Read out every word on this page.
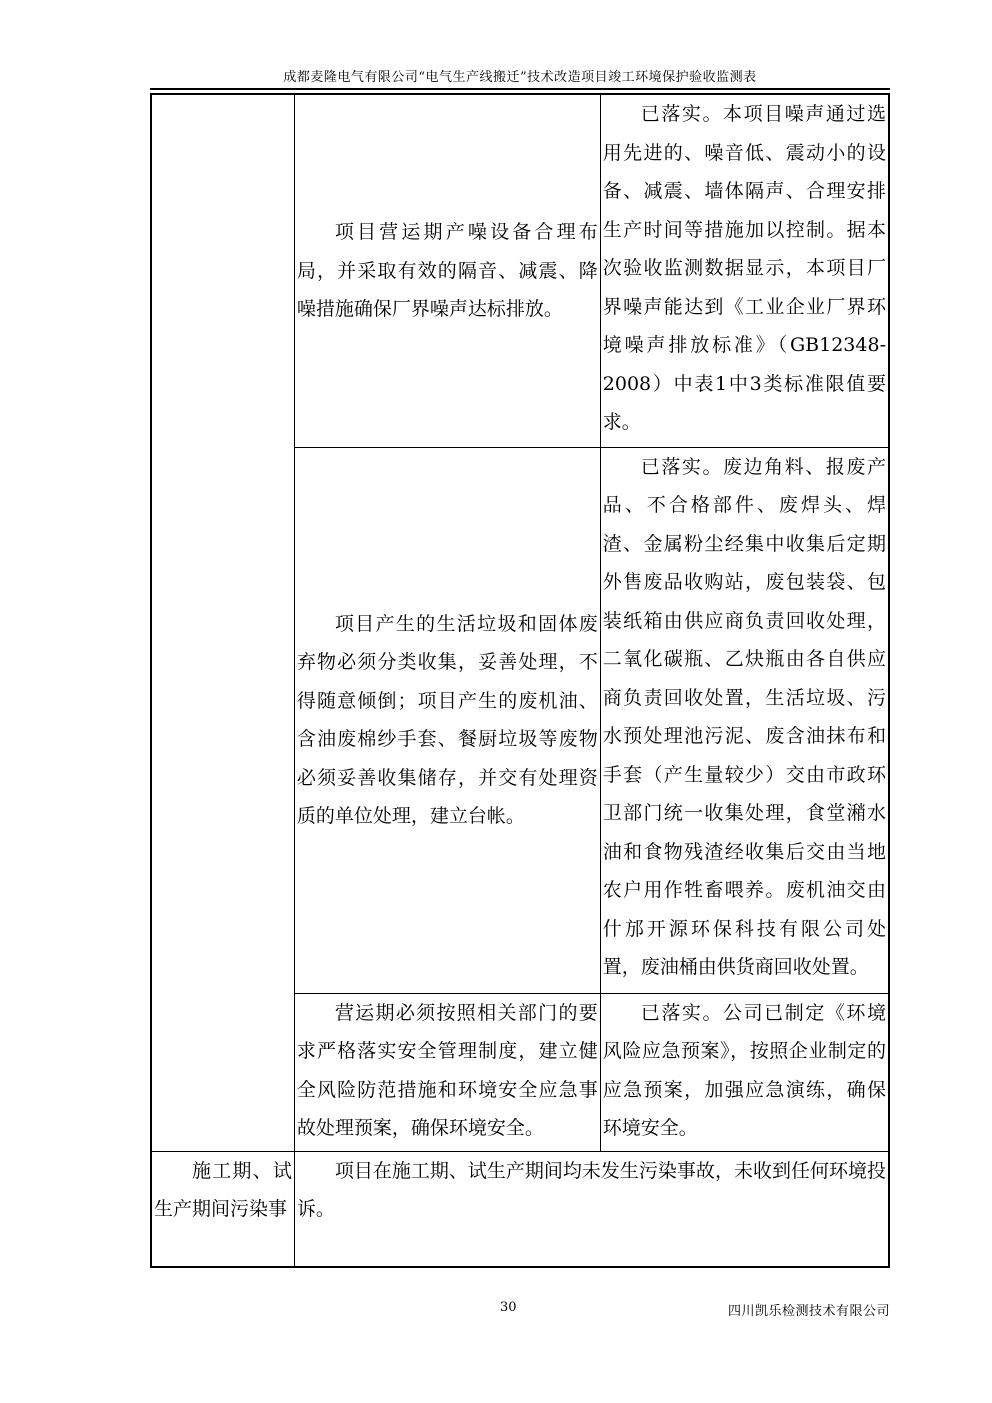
成都麦隆电气有限公司“电气生产线搬迁”技术改造项目竣工环境保护验收监测表

	项目营运期产噪设备合理布局，并采取有效的隔音、减震、降噪措施确保厂界噪声达标排放。	已落实。本项目噪声通过选用先进的、噪音低、震动小的设备、减震、墙体隔声、合理安排生产时间等措施加以控制。据本次验收监测数据显示，本项目厂界噪声能达到《工业企业厂界环境噪声排放标准》（GB12348-2008）中表1中3类标准限值要求。

	项目产生的生活垃圾和固体废弃物必须分类收集，妥善处理，不得随意倾倒；项目产生的废机油、含油废棉纱手套、餐厨垃圾等废物必须妥善收集储存，并交有处理资质的单位处理，建立台帐。	已落实。废边角料、报废产品、不合格部件、废焊头、焊渣、金属粉尘经集中收集后定期外售废品收购站，废包装袋、包装纸箱由供应商负责回收处理，二氧化碳瓶、乙炔瓶由各自供应商负责回收处置，生活垃圾、污水预处理池污泥、废含油抹布和手套（产生量较少）交由市政环卫部门统一收集处理，食堂潲水油和食物残渣经收集后交由当地农户用作牲畜喂养。废机油交由什邡开源环保科技有限公司处置，废油桶由供货商回收处置。

	营运期必须按照相关部门的要求严格落实安全管理制度，建立健全风险防范措施和环境安全应急事故处理预案，确保环境安全。	已落实。公司已制定《环境风险应急预案》，按照企业制定的应急预案，加强应急演练，确保环境安全。

施工期、试生产期间污染事	项目在施工期、试生产期间均未发生污染事故，未收到任何环境投诉。	

30	四川凯乐检测技术有限公司
